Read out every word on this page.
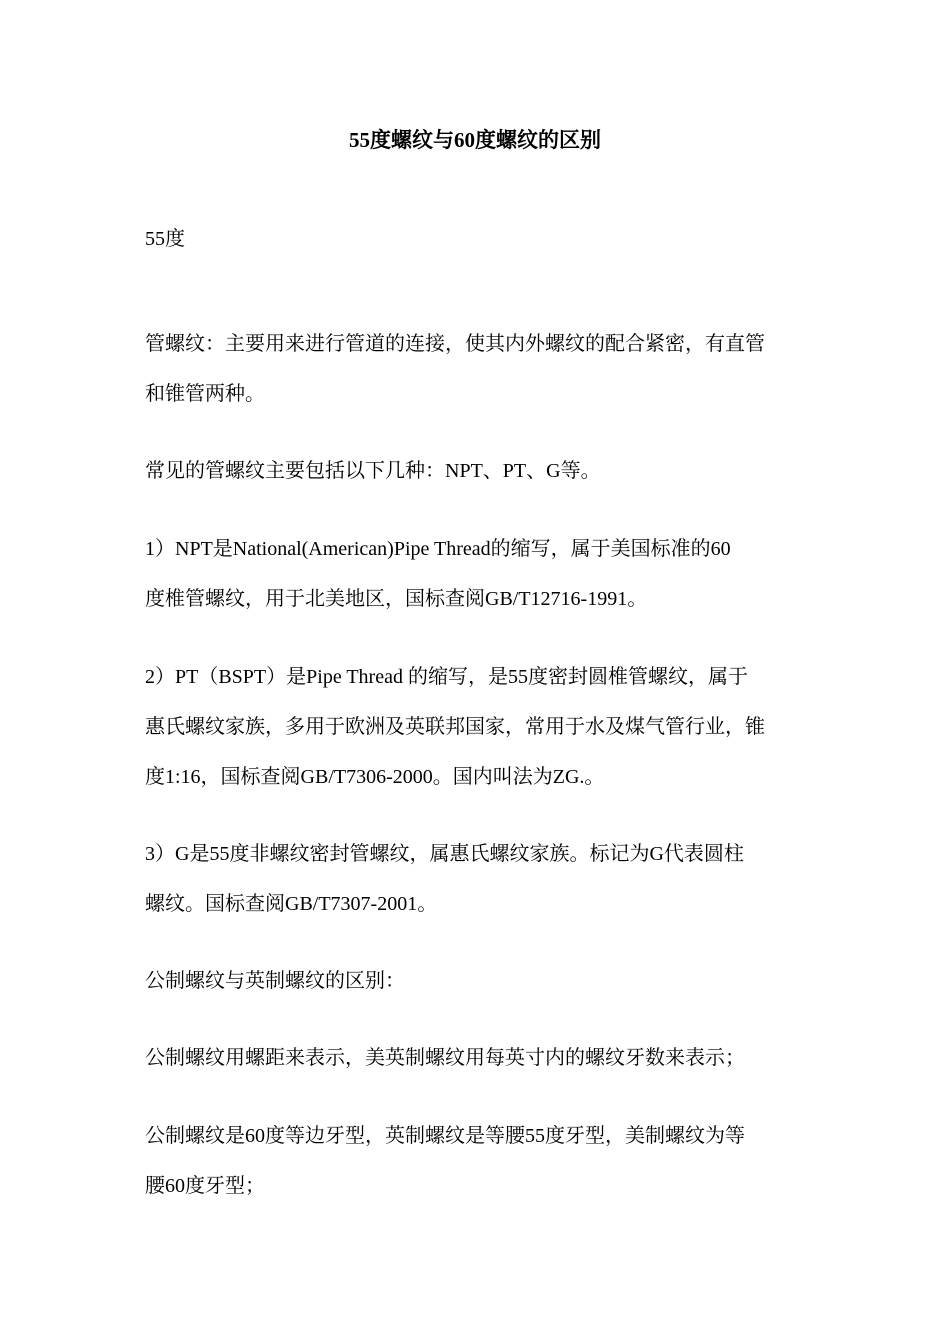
55度螺纹与60度螺纹的区别

55度

管螺纹：主要用来进行管道的连接，使其内外螺纹的配合紧密，有直管
和锥管两种。

常见的管螺纹主要包括以下几种：NPT、PT、G等。

1）NPT是National(American)Pipe Thread的缩写，属于美国标准的60
度椎管螺纹，用于北美地区，国标查阅GB/T12716-1991。

2）PT（BSPT）是Pipe Thread 的缩写，是55度密封圆椎管螺纹，属于
惠氏螺纹家族，多用于欧洲及英联邦国家，常用于水及煤气管行业，锥
度1:16，国标查阅GB/T7306-2000。国内叫法为ZG.。

3）G是55度非螺纹密封管螺纹，属惠氏螺纹家族。标记为G代表圆柱
螺纹。国标查阅GB/T7307-2001。

公制螺纹与英制螺纹的区别：

公制螺纹用螺距来表示，美英制螺纹用每英寸内的螺纹牙数来表示；

公制螺纹是60度等边牙型，英制螺纹是等腰55度牙型，美制螺纹为等
腰60度牙型；
